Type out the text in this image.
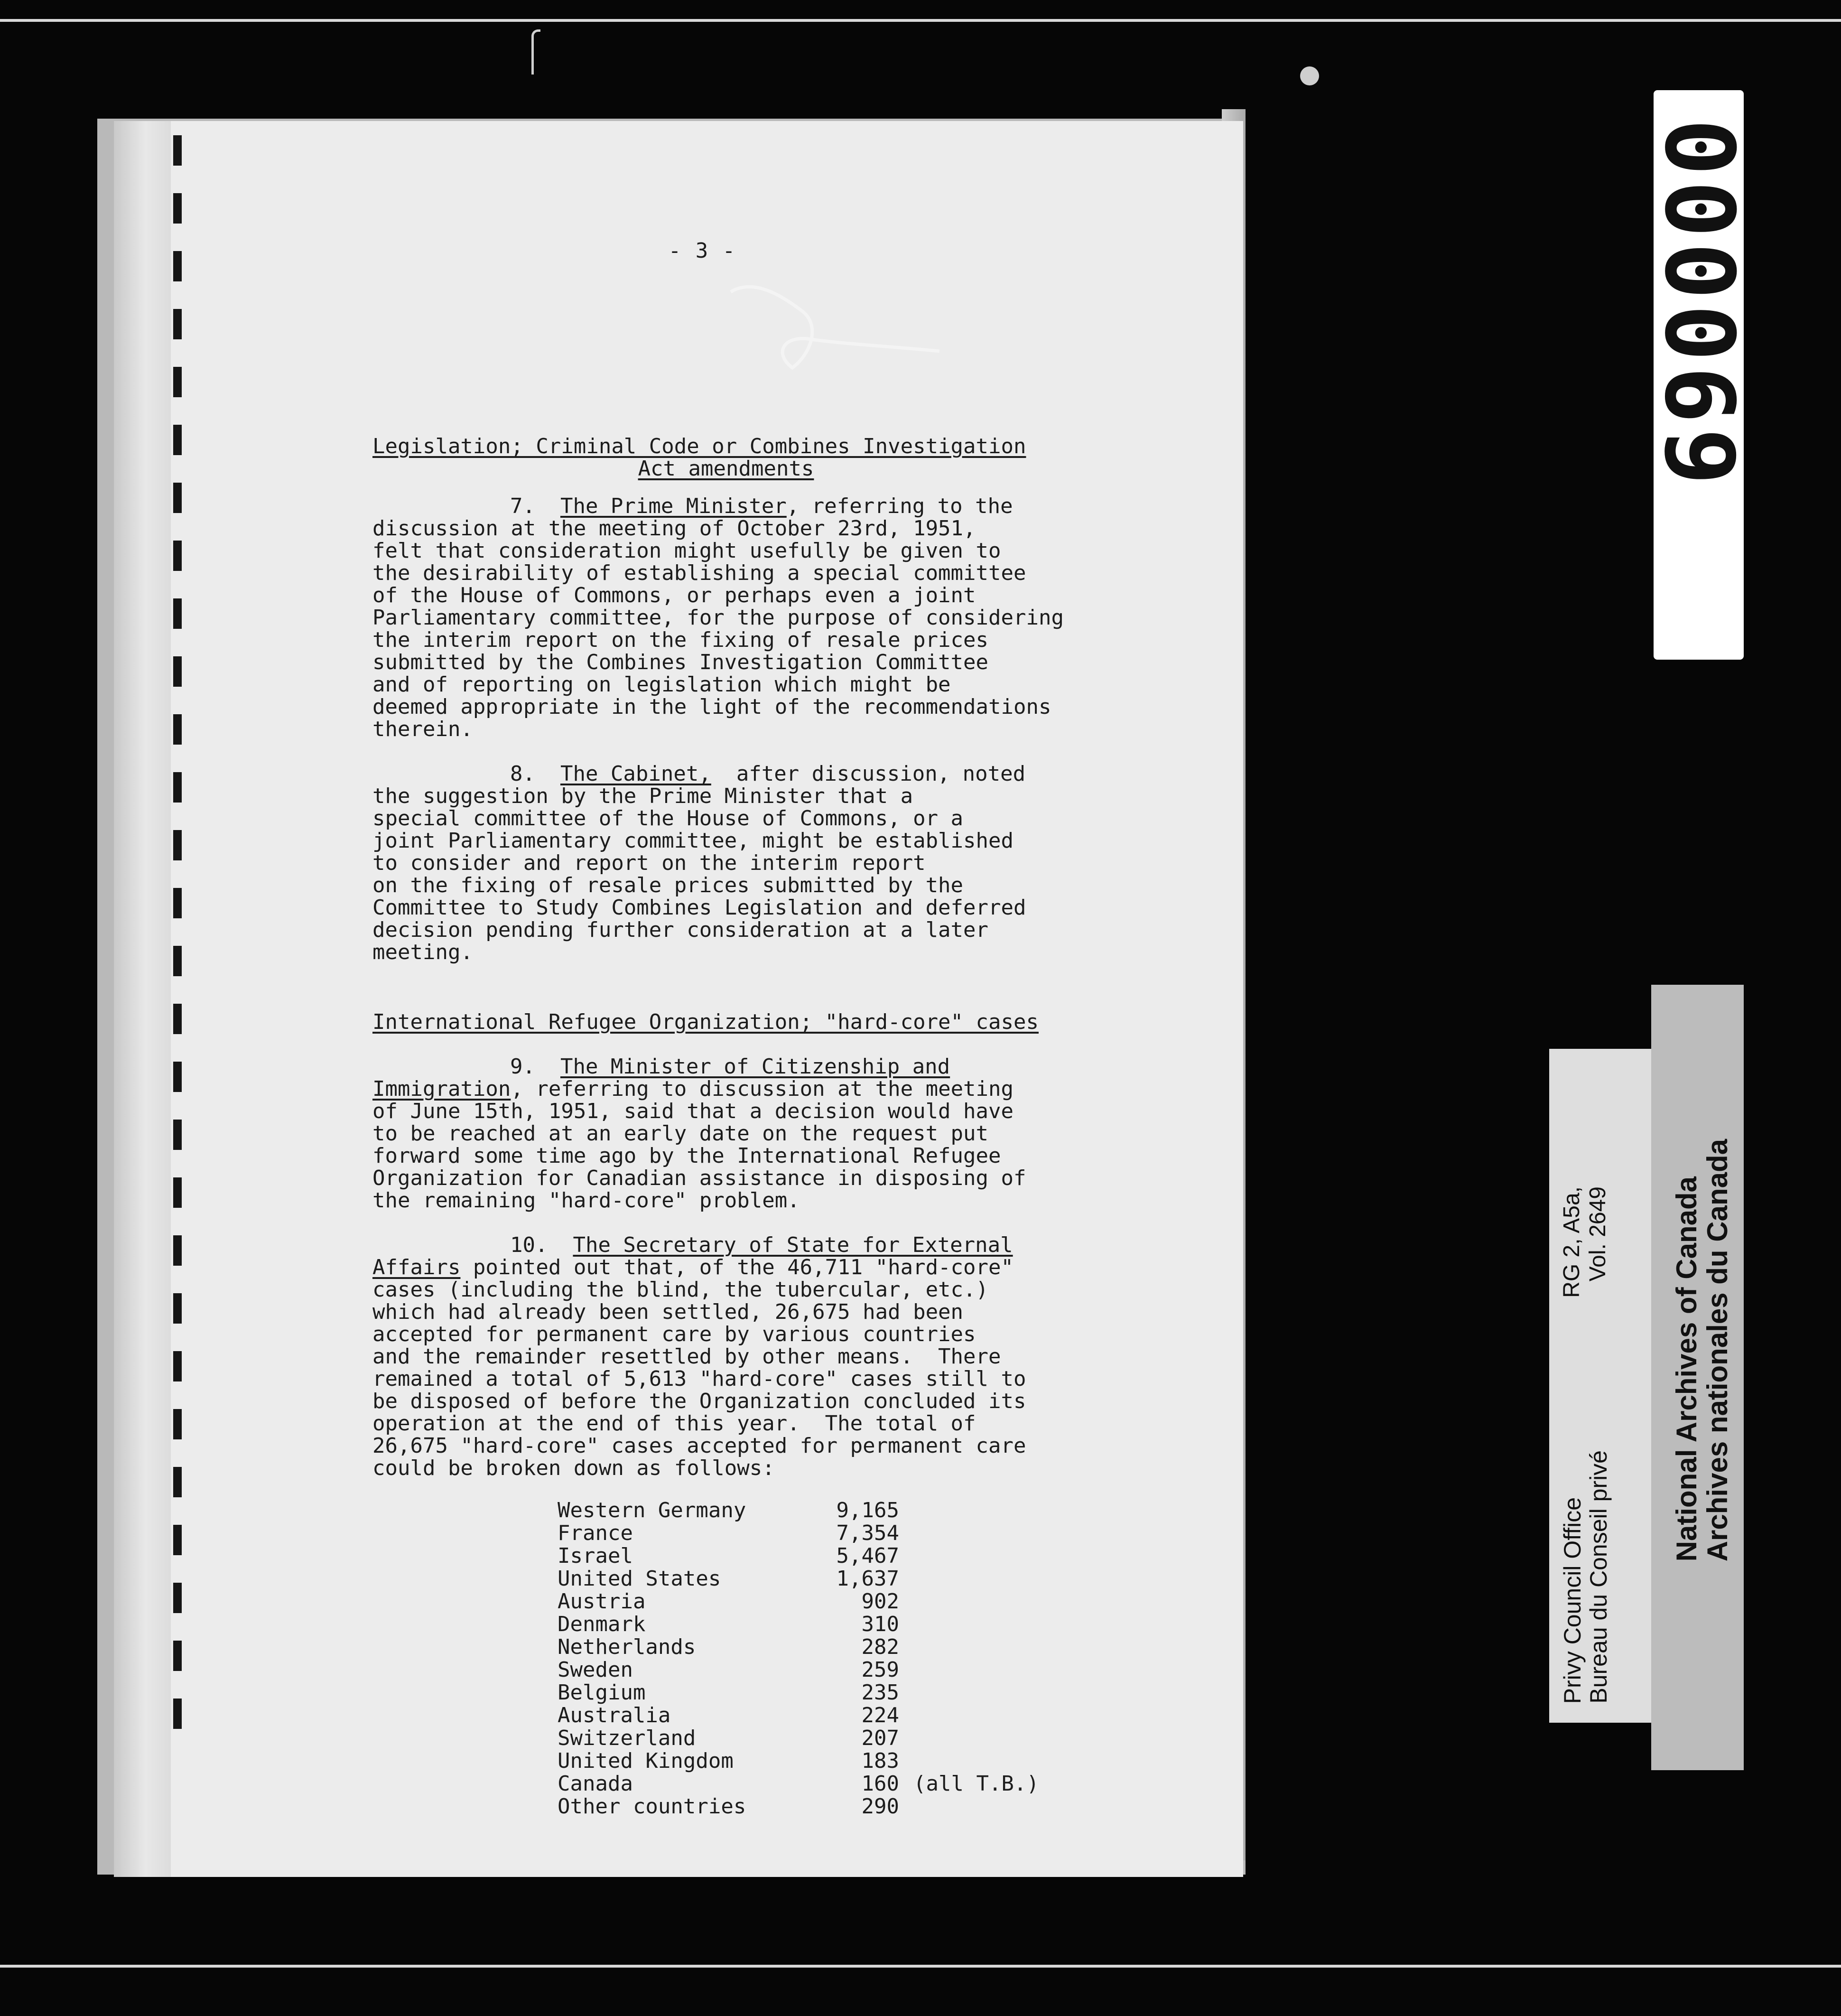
- 3 -
Legislation; Criminal Code or Combines Investigation
Act amendments
7. The Prime Minister, referring to the
discussion at the meeting of October 23rd, 1951,
felt that consideration might usefully be given to
the desirability of establishing a special committee
of the House of Commons, or perhaps even a joint
Parliamentary committee, for the purpose of considering
the interim report on the fixing of resale prices
submitted by the Combines Investigation Committee
and of reporting on legislation which might be
deemed appropriate in the light of the recommendations
therein.
8. The Cabinet,  after discussion, noted
the suggestion by the Prime Minister that a
special committee of the House of Commons, or a
joint Parliamentary committee, might be established
to consider and report on the interim report
on the fixing of resale prices submitted by the
Committee to Study Combines Legislation and deferred
decision pending further consideration at a later
meeting.
International Refugee Organization; "hard-core" cases
9. The Minister of Citizenship and
Immigration, referring to discussion at the meeting
of June 15th, 1951, said that a decision would have
to be reached at an early date on the request put
forward some time ago by the International Refugee
Organization for Canadian assistance in disposing of
the remaining "hard-core" problem.
10. The Secretary of State for External
Affairs pointed out that, of the 46,711 "hard-core"
cases (including the blind, the tubercular, etc.)
which had already been settled, 26,675 had been
accepted for permanent care by various countries
and the remainder resettled by other means.  There
remained a total of 5,613 "hard-core" cases still to
be disposed of before the Organization concluded its
operation at the end of this year.  The total of
26,675 "hard-core" cases accepted for permanent care
could be broken down as follows:
Western Germany	9,165
France	7,354
Israel	5,467
United States	1,637
Austria	902
Denmark	310
Netherlands	282
Sweden	259
Belgium	235
Australia	224
Switzerland	207
United Kingdom	183
Canada	160 (all T.B.)
Other countries	290
000069
Privy Council Office Bureau du Conseil privé
RG 2, A5a, Vol. 2649 National Archives of Canada
Archives nationales du Canada
